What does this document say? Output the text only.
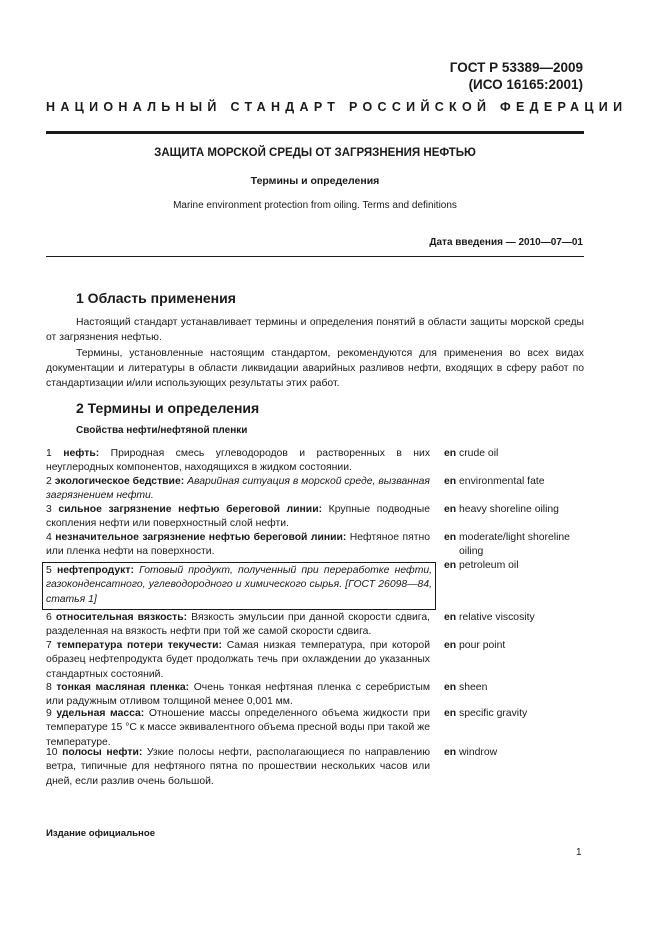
ГОСТ Р 53389—2009
(ИСО 16165:2001)
НАЦИОНАЛЬНЫЙ СТАНДАРТ РОССИЙСКОЙ ФЕДЕРАЦИИ
ЗАЩИТА МОРСКОЙ СРЕДЫ ОТ ЗАГРЯЗНЕНИЯ НЕФТЬЮ
Термины и определения
Marine environment protection from oiling. Terms and definitions
Дата введения — 2010—07—01
1 Область применения
Настоящий стандарт устанавливает термины и определения понятий в области защиты морской среды от загрязнения нефтью.
Термины, установленные настоящим стандартом, рекомендуются для применения во всех видах документации и литературы в области ликвидации аварийных разливов нефти, входящих в сферу работ по стандартизации и/или использующих результаты этих работ.
2 Термины и определения
Свойства нефти/нефтяной пленки
1 нефть: Природная смесь углеводородов и растворенных в них неуглеродных компонентов, находящихся в жидком состоянии.
en crude oil
2 экологическое бедствие: Аварийная ситуация в морской среде, вызванная загрязнением нефти.
en environmental fate
3 сильное загрязнение нефтью береговой линии: Крупные подводные скопления нефти или поверхностный слой нефти.
en heavy shoreline oiling
4 незначительное загрязнение нефтью береговой линии: Нефтяное пятно или пленка нефти на поверхности.
en moderate/light shoreline
oiling
5 нефтепродукт: Готовый продукт, полученный при переработке нефти, газоконденсатного, углеводородного и химического сырья. [ГОСТ 26098—84, статья 1]
en petroleum oil
6 относительная вязкость: Вязкость эмульсии при данной скорости сдвига, разделенная на вязкость нефти при той же самой скорости сдвига.
en relative viscosity
7 температура потери текучести: Самая низкая температура, при которой образец нефтепродукта будет продолжать течь при охлаждении до указанных стандартных состояний.
en pour point
8 тонкая масляная пленка: Очень тонкая нефтяная пленка с серебристым или радужным отливом толщиной менее 0,001 мм.
en sheen
9 удельная масса: Отношение массы определенного объема жидкости при температуре 15 °С к массе эквивалентного объема пресной воды при такой же температуре.
en specific gravity
10 полосы нефти: Узкие полосы нефти, располагающиеся по направлению ветра, типичные для нефтяного пятна по прошествии нескольких часов или дней, если разлив очень большой.
en windrow
Издание официальное
1
